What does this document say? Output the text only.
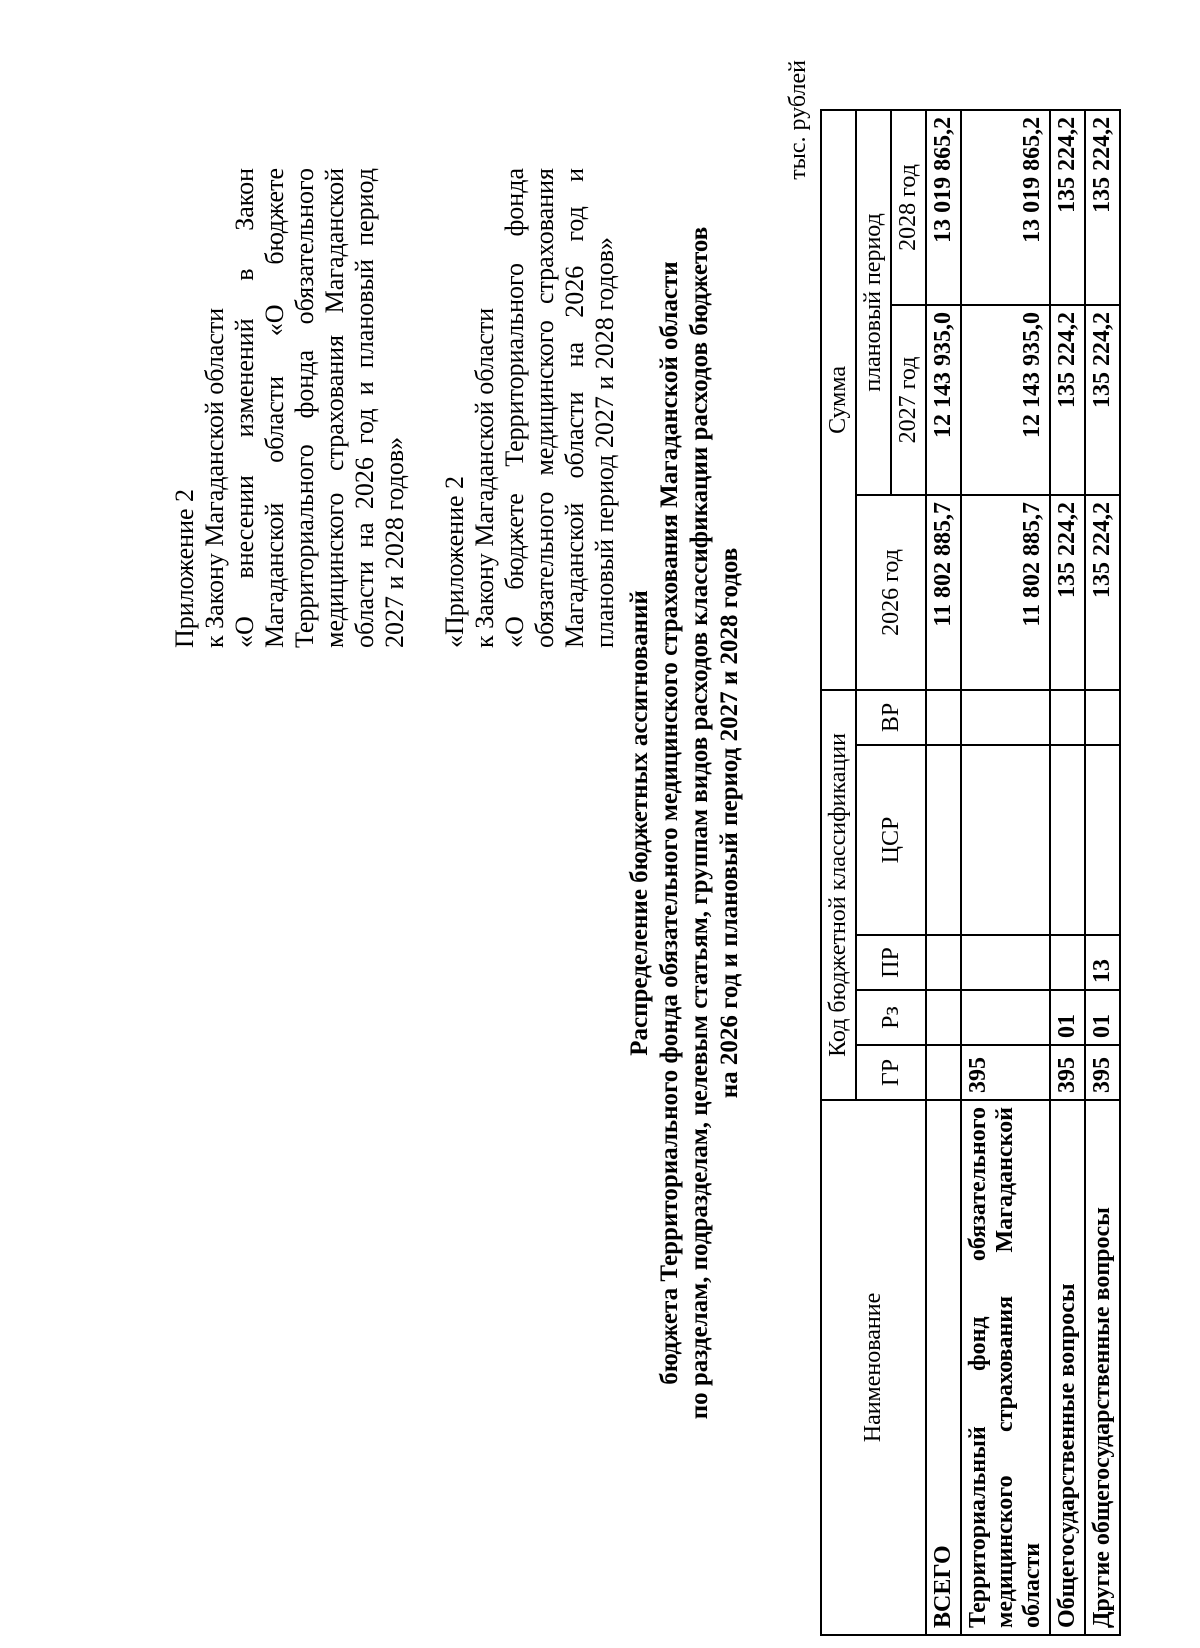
Приложение 2 к Закону Магаданской области «О внесении изменений в Закон Магаданской области «О бюджете Территориального фонда обязательного медицинского страхования Магаданской области на 2026 год и плановый период 2027 и 2028 годов» «Приложение 2 к Закону Магаданской области «О бюджете Территориального фонда обязательного медицинского страхования Магаданской области на 2026 год и плановый период 2027 и 2028 годов»

Распределение бюджетных ассигнований бюджета Территориального фонда обязательного медицинского страхования Магаданской области по разделам, подразделам, целевым статьям, группам видов расходов классификации расходов бюджетов на 2026 год и плановый период 2027 и 2028 годов
тыс. рублей
Наименование	Код бюджетной классификации					Сумма		
	ГР	Рз	ПР	ЦСР	ВР	2026 год	плановый период	
							2027 год	2028 год
ВСЕГО						11 802 885,7	12 143 935,0	13 019 865,2
Территориальный фонд обязательного медицинского страхования Магаданской области	395					11 802 885,7	12 143 935,0	13 019 865,2
Общегосударственные вопросы	395	01				135 224,2	135 224,2	135 224,2
Другие общегосударственные вопросы	395	01	13			135 224,2	135 224,2	135 224,2
